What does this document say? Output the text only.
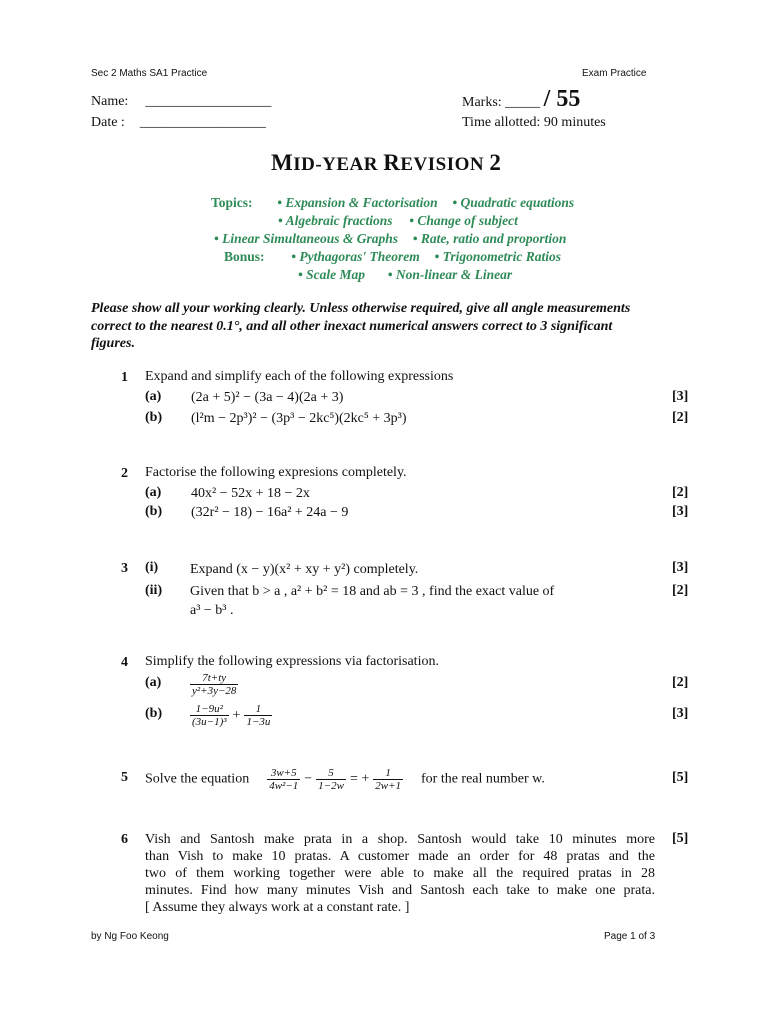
Sec 2 Maths SA1 Practice	Exam Practice
Name: __________________
Date : __________________
Marks: _____ / 55
Time allotted: 90 minutes
MID-YEAR REVISION 2
Topics: • Expansion & Factorisation • Quadratic equations
• Algebraic fractions • Change of subject
• Linear Simultaneous & Graphs • Rate, ratio and proportion
Bonus: • Pythagoras' Theorem • Trigonometric Ratios
• Scale Map • Non-linear & Linear
Please show all your working clearly. Unless otherwise required, give all angle measurements
correct to the nearest 0.1°, and all other inexact numerical answers correct to 3 significant
figures.
1 Expand and simplify each of the following expressions
(a) (2a + 5)² − (3a − 4)(2a + 3)	[3]
(b) (l²m − 2p³)² − (3p³ − 2kc⁵)(2kc⁵ + 3p³)	[2]
2 Factorise the following expresions completely.
(a) 40x² − 52x + 18 − 2x	[2]
(b) (32r² − 18) − 16a² + 24a − 9	[3]
3 (i) Expand (x − y)(x² + xy + y²) completely.	[3]
(ii) Given that b > a , a² + b² = 18 and ab = 3 , find the exact value of
a³ − b³ .
[2]
4 Simplify the following expressions via factorisation.
(a)	$\frac{7t+ty}{\text{y²+3y−28}}$	[2]
(b)	$\frac{\text{1−9u²}}{\text{(3u−1)³}} + \frac{1}{1-3u}$	[3]
5 Solve the equation $\frac{3w+5}{\text{4w²−1}} - \frac{5}{1-2w}$ = + $\frac{1}{2w+1}$ for the real number w.	[5]
6 Vish and Santosh make prata in a shop. Santosh would take 10 minutes more
than Vish to make 10 pratas. A customer made an order for 48 pratas and the
two of them working together were able to make all the required pratas in 28
minutes. Find how many minutes Vish and Santosh each take to make one prata.
[ Assume they always work at a constant rate. ]
[5]
by Ng Foo Keong	Page 1 of 3
